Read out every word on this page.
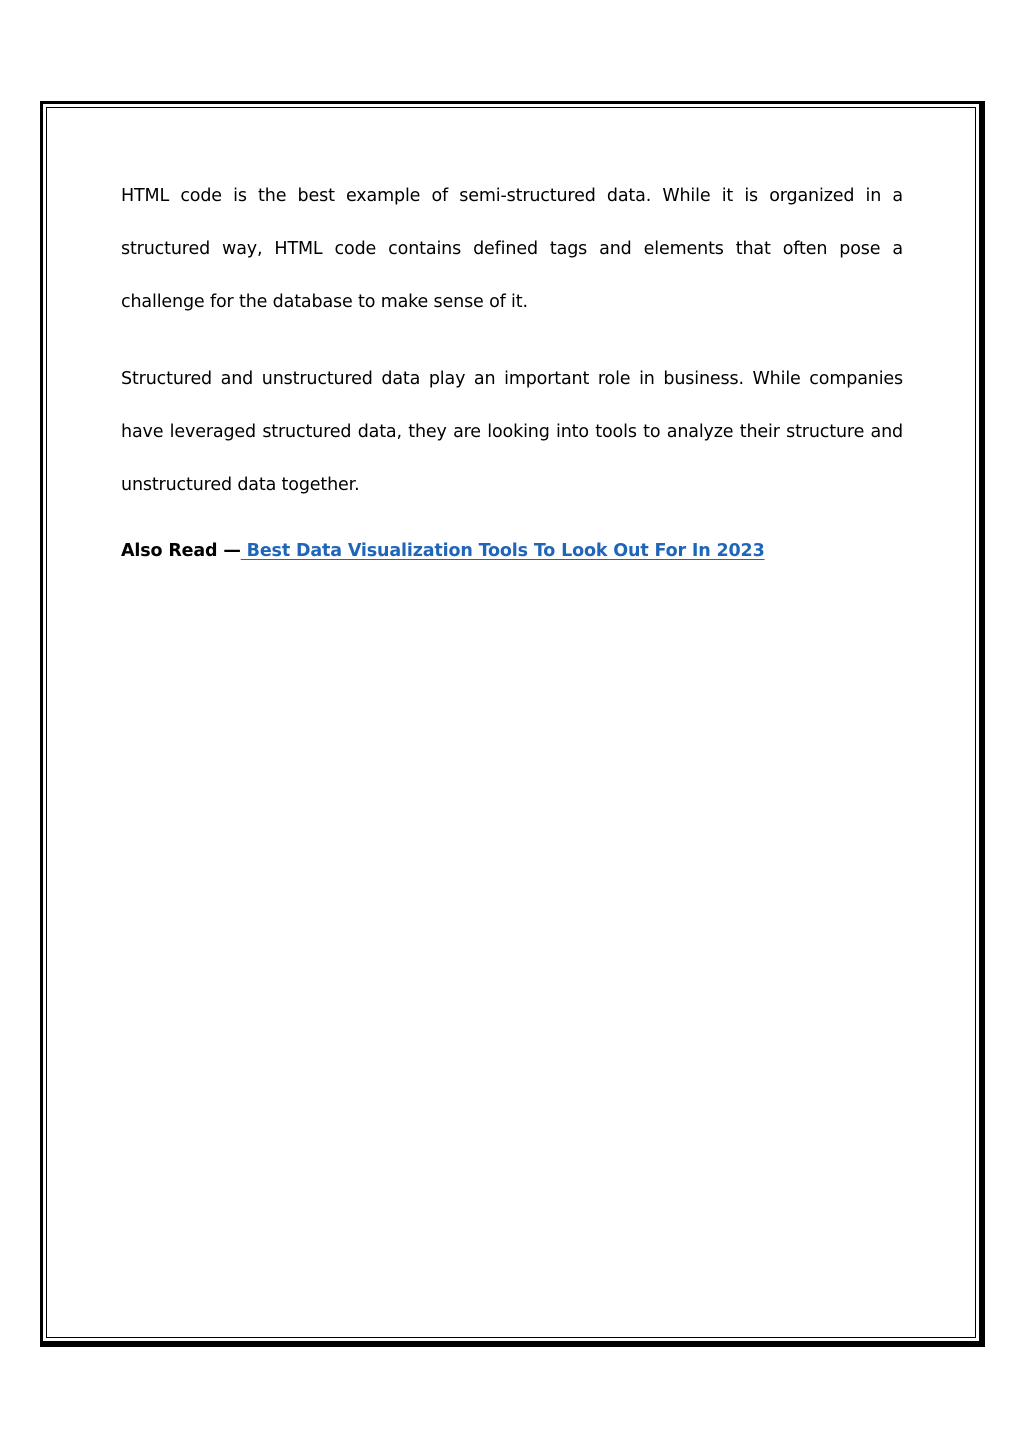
HTML code is the best example of semi-structured data. While it is organized in a structured way, HTML code contains defined tags and elements that often pose a challenge for the database to make sense of it.

Structured and unstructured data play an important role in business. While companies have leveraged structured data, they are looking into tools to analyze their structure and unstructured data together.

Also Read — Best Data Visualization Tools To Look Out For In 2023
